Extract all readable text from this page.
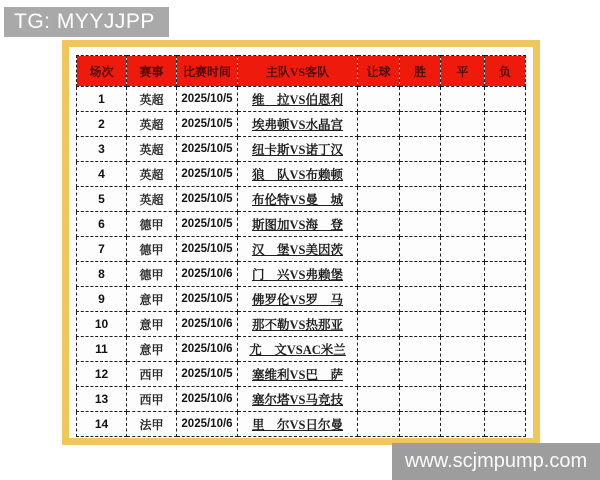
TG: MYYJJPP
场次	赛事	比赛时间	主队VS客队	让球	胜	平	负
1	英超	2025/10/5	维　拉VS伯恩利				
2	英超	2025/10/5	埃弗顿VS水晶宫				
3	英超	2025/10/5	纽卡斯VS诺丁汉				
4	英超	2025/10/5	狼　队VS布赖顿				
5	英超	2025/10/5	布伦特VS曼　城				
6	德甲	2025/10/5	斯图加VS海　登				
7	德甲	2025/10/5	汉　堡VS美因茨				
8	德甲	2025/10/6	门　兴VS弗赖堡				
9	意甲	2025/10/5	佛罗伦VS罗　马				
10	意甲	2025/10/6	那不勒VS热那亚				
11	意甲	2025/10/6	尤　文VSAC米兰				
12	西甲	2025/10/5	塞维利VS巴　萨				
13	西甲	2025/10/6	塞尔塔VS马竞技				
14	法甲	2025/10/6	里　尔VS日尔曼				
www.scjmpump.com
